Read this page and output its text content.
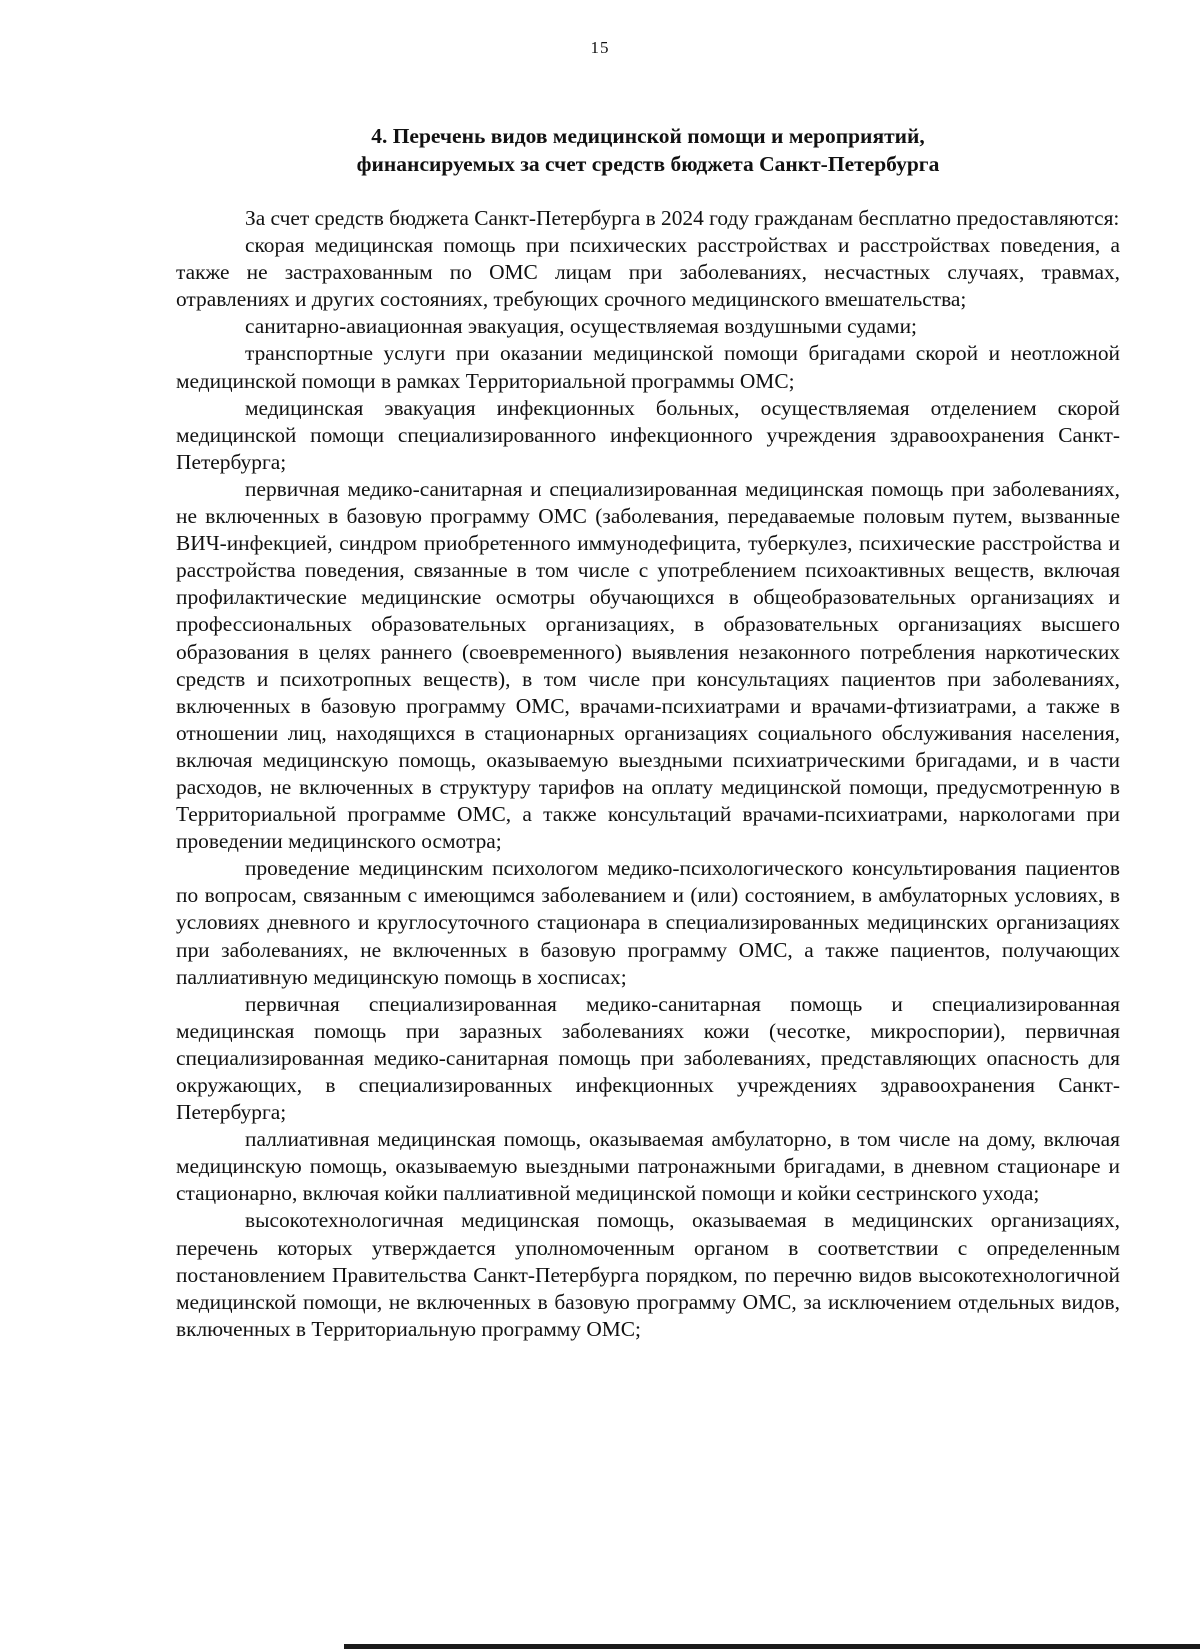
15
4. Перечень видов медицинской помощи и мероприятий,
финансируемых за счет средств бюджета Санкт-Петербурга

За счет средств бюджета Санкт-Петербурга в 2024 году гражданам бесплатно предоставляются:

скорая медицинская помощь при психических расстройствах и расстройствах поведения, а также не застрахованным по ОМС лицам при заболеваниях, несчастных случаях, травмах, отравлениях и других состояниях, требующих срочного медицинского вмешательства;

санитарно-авиационная эвакуация, осуществляемая воздушными судами;

транспортные услуги при оказании медицинской помощи бригадами скорой и неотложной медицинской помощи в рамках Территориальной программы ОМС;

медицинская эвакуация инфекционных больных, осуществляемая отделением скорой медицинской помощи специализированного инфекционного учреждения здравоохранения Санкт-Петербурга;

первичная медико-санитарная и специализированная медицинская помощь при заболеваниях, не включенных в базовую программу ОМС (заболевания, передаваемые половым путем, вызванные ВИЧ-инфекцией, синдром приобретенного иммунодефицита, туберкулез, психические расстройства и расстройства поведения, связанные в том числе с употреблением психоактивных веществ, включая профилактические медицинские осмотры обучающихся в общеобразовательных организациях и профессиональных образовательных организациях, в образовательных организациях высшего образования в целях раннего (своевременного) выявления незаконного потребления наркотических средств и психотропных веществ), в том числе при консультациях пациентов при заболеваниях, включенных в базовую программу ОМС, врачами-психиатрами и врачами-фтизиатрами, а также в отношении лиц, находящихся в стационарных организациях социального обслуживания населения, включая медицинскую помощь, оказываемую выездными психиатрическими бригадами, и в части расходов, не включенных в структуру тарифов на оплату медицинской помощи, предусмотренную в Территориальной программе ОМС, а также консультаций врачами-психиатрами, наркологами при проведении медицинского осмотра;

проведение медицинским психологом медико-психологического консультирования пациентов по вопросам, связанным с имеющимся заболеванием и (или) состоянием, в амбулаторных условиях, в условиях дневного и круглосуточного стационара в специализированных медицинских организациях при заболеваниях, не включенных в базовую программу ОМС, а также пациентов, получающих паллиативную медицинскую помощь в хосписах;

первичная специализированная медико-санитарная помощь и специализированная медицинская помощь при заразных заболеваниях кожи (чесотке, микроспории), первичная специализированная медико-санитарная помощь при заболеваниях, представляющих опасность для окружающих, в специализированных инфекционных учреждениях здравоохранения Санкт-Петербурга;

паллиативная медицинская помощь, оказываемая амбулаторно, в том числе на дому, включая медицинскую помощь, оказываемую выездными патронажными бригадами, в дневном стационаре и стационарно, включая койки паллиативной медицинской помощи и койки сестринского ухода;

высокотехнологичная медицинская помощь, оказываемая в медицинских организациях, перечень которых утверждается уполномоченным органом в соответствии с определенным постановлением Правительства Санкт-Петербурга порядком, по перечню видов высокотехнологичной медицинской помощи, не включенных в базовую программу ОМС, за исключением отдельных видов, включенных в Территориальную программу ОМС;
